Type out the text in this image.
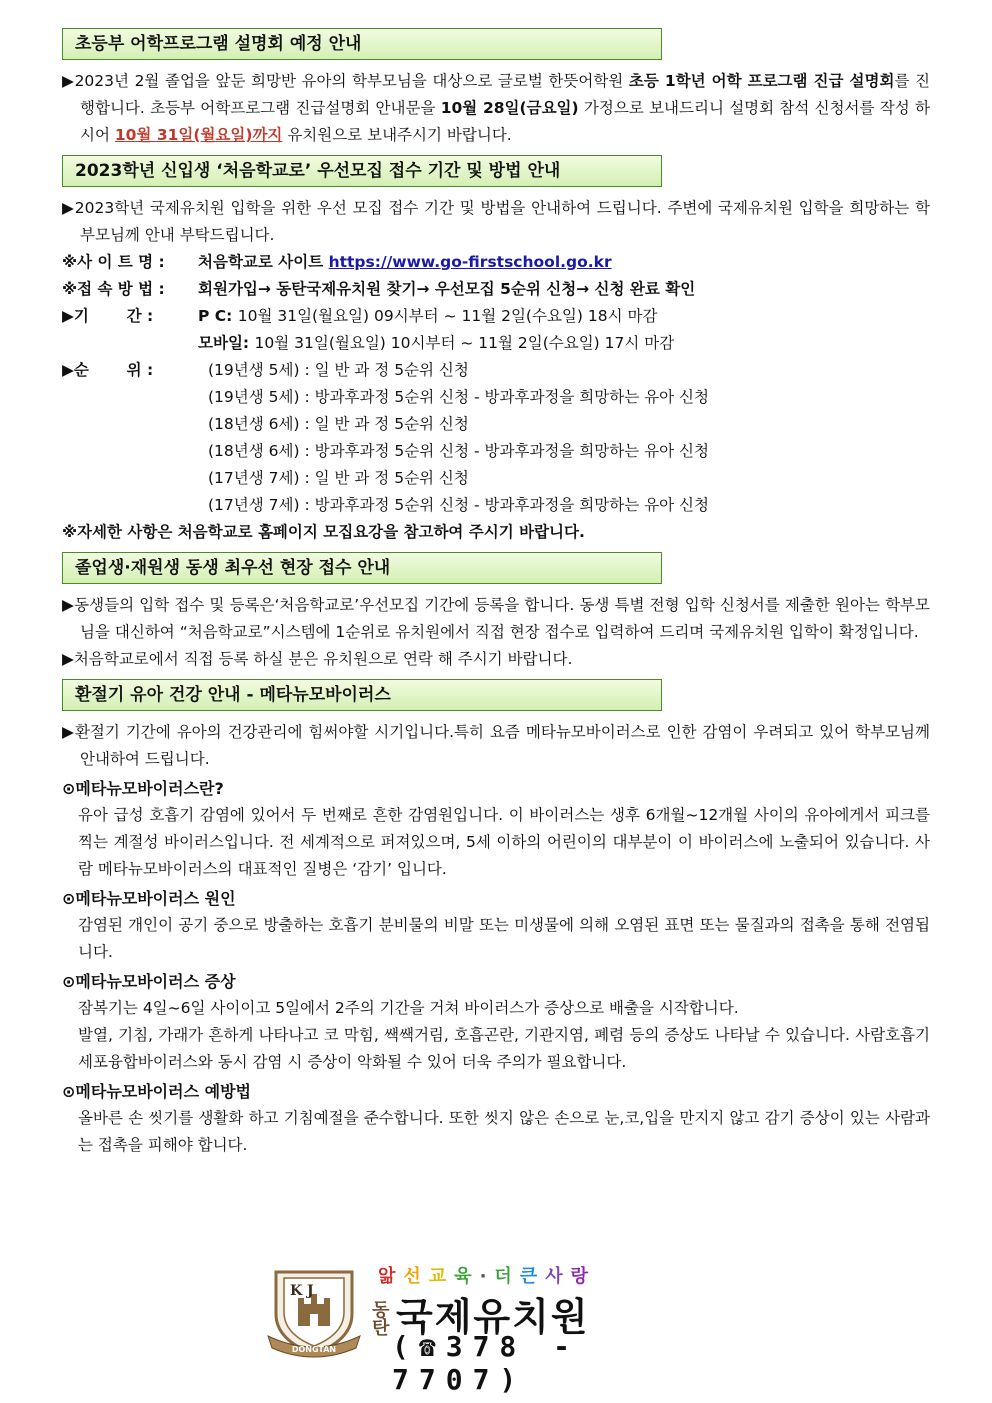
초등부 어학프로그램 설명회 예정 안내

▶2023년 2월 졸업을 앞둔 희망반 유아의 학부모님을 대상으로 글로벌 한뜻어학원 초등 1학년 어학 프로그램 진급 설명회를 진행합니다. 초등부 어학프로그램 진급설명회 안내문을 10월 28일(금요일) 가정으로 보내드리니 설명회 참석 신청서를 작성 하시어 10월 31일(월요일)까지 유치원으로 보내주시기 바랍니다.

2023학년 신입생 ‘처음학교로’ 우선모집 접수 기간 및 방법 안내

▶2023학년 국제유치원 입학을 위한 우선 모집 접수 기간 및 방법을 안내하여 드립니다. 주변에 국제유치원 입학을 희망하는 학부모님께 안내 부탁드립니다.

※사 이 트 명 :	처음학교로 사이트 https://www.go-firstschool.go.kr
※접 속 방 법 :	회원가입→ 동탄국제유치원 찾기→ 우선모집 5순위 신청→ 신청 완료 확인
▶기       간 :	P C: 10월 31일(월요일) 09시부터 ~ 11월 2일(수요일) 18시 마감
모바일: 10월 31일(월요일) 10시부터 ~ 11월 2일(수요일) 17시 마감
▶순       위 :	(19년생 5세) : 일 반 과 정 5순위 신청
(19년생 5세) : 방과후과정 5순위 신청 - 방과후과정을 희망하는 유아 신청
(18년생 6세) : 일 반 과 정 5순위 신청
(18년생 6세) : 방과후과정 5순위 신청 - 방과후과정을 희망하는 유아 신청
(17년생 7세) : 일 반 과 정 5순위 신청
(17년생 7세) : 방과후과정 5순위 신청 - 방과후과정을 희망하는 유아 신청

※자세한 사항은 처음학교로 홈페이지 모집요강을 참고하여 주시기 바랍니다.

졸업생·재원생 동생 최우선 현장 접수 안내

▶동생들의 입학 접수 및 등록은‘처음학교로’우선모집 기간에 등록을 합니다. 동생 특별 전형 입학 신청서를 제출한 원아는 학부모님을 대신하여 “처음학교로”시스템에 1순위로 유치원에서 직접 현장 접수로 입력하여 드리며 국제유치원 입학이 확정입니다.

▶처음학교로에서 직접 등록 하실 분은 유치원으로 연락 해 주시기 바랍니다.

환절기 유아 건강 안내 - 메타뉴모바이러스

▶환절기 기간에 유아의 건강관리에 힘써야할 시기입니다.특히 요즘 메타뉴모바이러스로 인한 감염이 우려되고 있어 학부모님께 안내하여 드립니다.

⊙메타뉴모바이러스란?

유아 급성 호흡기 감염에 있어서 두 번째로 흔한 감염원입니다. 이 바이러스는 생후 6개월~12개월 사이의 유아에게서 피크를 찍는 계절성 바이러스입니다. 전 세계적으로 퍼져있으며, 5세 이하의 어린이의 대부분이 이 바이러스에 노출되어 있습니다. 사람 메타뉴모바이러스의 대표적인 질병은 ‘감기’ 입니다.

⊙메타뉴모바이러스 원인

감염된 개인이 공기 중으로 방출하는 호흡기 분비물의 비말 또는 미생물에 의해 오염된 표면 또는 물질과의 접촉을 통해 전염됩니다.

⊙메타뉴모바이러스 증상

잠복기는 4일~6일 사이이고 5일에서 2주의 기간을 거쳐 바이러스가 증상으로 배출을 시작합니다.

발열, 기침, 가래가 흔하게 나타나고 코 막힘, 쌕쌕거림, 호흡곤란, 기관지염, 폐렴 등의 증상도 나타날 수 있습니다. 사람호흡기세포융합바이러스와 동시 감염 시 증상이 악화될 수 있어 더욱 주의가 필요합니다.

⊙메타뉴모바이러스 예방법

올바른 손 씻기를 생활화 하고 기침예절을 준수합니다. 또한 씻지 않은 손으로 눈,코,입을 만지지 않고 감기 증상이 있는 사람과는 접촉을 피해야 합니다.

K J
DONGTAN
앎선교육·더큰사랑
동
탄 국제유치원
(☎378 - 7707)
